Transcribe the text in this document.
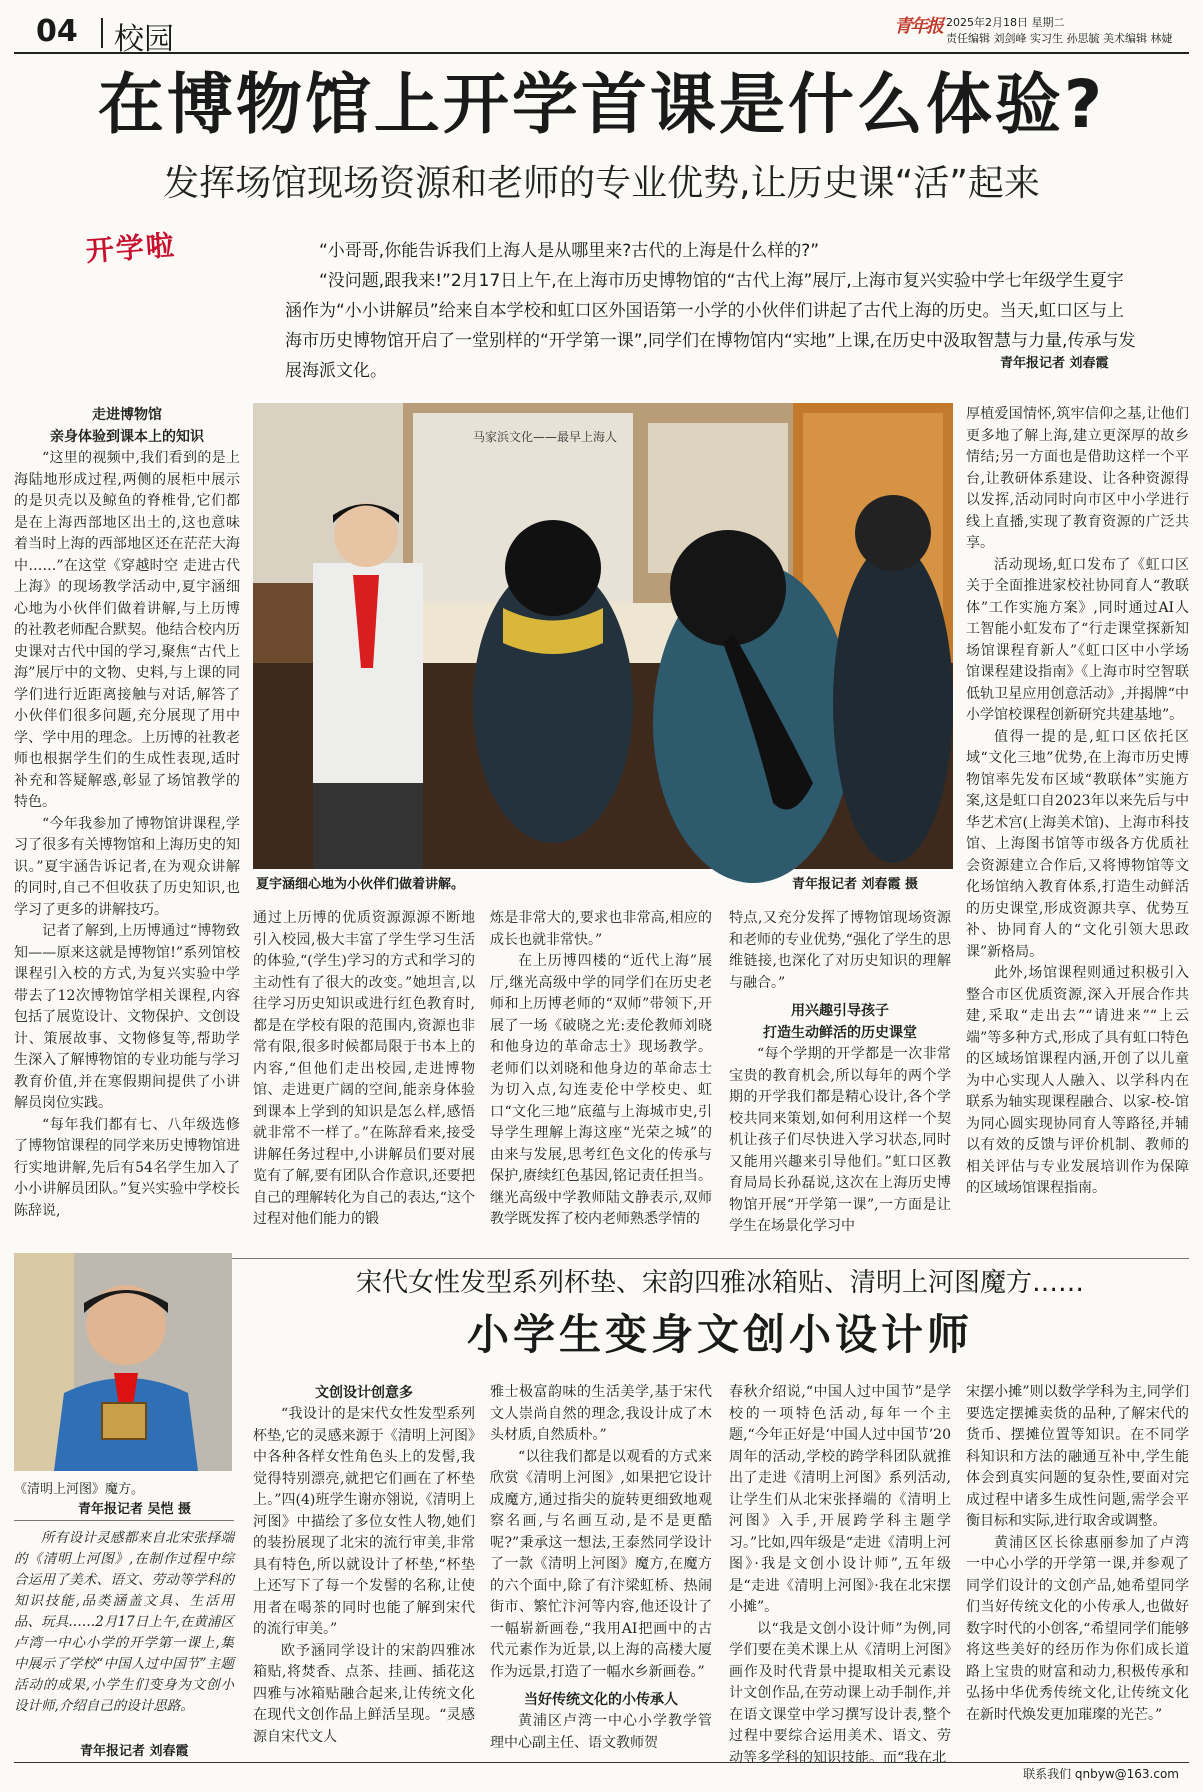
04 校园	青年报 2025年2月18日 星期二
责任编辑 刘剑峰 实习生 孙思毓 美术编辑 林婕
在博物馆上开学首课是什么体验?
发挥场馆现场资源和老师的专业优势,让历史课“活”起来
开学啦	“小哥哥,你能告诉我们上海人是从哪里来?古代的上海是什么样的?”

“没问题,跟我来!”2月17日上午,在上海市历史博物馆的“古代上海”展厅,上海市复兴实验中学七年级学生夏宇涵作为“小小讲解员”给来自本学校和虹口区外国语第一小学的小伙伴们讲起了古代上海的历史。当天,虹口区与上海市历史博物馆开启了一堂别样的“开学第一课”,同学们在博物馆内“实地”上课,在历史中汲取智慧与力量,传承与发展海派文化。	青年报记者 刘春霞
走进博物馆
亲身体验到课本上的知识

“这里的视频中,我们看到的是上海陆地形成过程,两侧的展柜中展示的是贝壳以及鲸鱼的脊椎骨,它们都是在上海西部地区出土的,这也意味着当时上海的西部地区还在茫茫大海中……”在这堂《穿越时空 走进古代上海》的现场教学活动中,夏宇涵细心地为小伙伴们做着讲解,与上历博的社教老师配合默契。他结合校内历史课对古代中国的学习,聚焦“古代上海”展厅中的文物、史料,与上课的同学们进行近距离接触与对话,解答了小伙伴们很多问题,充分展现了用中学、学中用的理念。上历博的社教老师也根据学生们的生成性表现,适时补充和答疑解惑,彰显了场馆教学的特色。

“今年我参加了博物馆讲课程,学习了很多有关博物馆和上海历史的知识。”夏宇涵告诉记者,在为观众讲解的同时,自己不但收获了历史知识,也学习了更多的讲解技巧。

记者了解到,上历博通过“博物致知——原来这就是博物馆!”系列馆校课程引入校的方式,为复兴实验中学带去了12次博物馆学相关课程,内容包括了展览设计、文物保护、文创设计、策展故事、文物修复等,帮助学生深入了解博物馆的专业功能与学习教育价值,并在寒假期间提供了小讲解员岗位实践。

“每年我们都有七、八年级选修了博物馆课程的同学来历史博物馆进行实地讲解,先后有54名学生加入了小小讲解员团队。”复兴实验中学校长陈辞说,

马家浜文化——最早上海人
夏宇涵细心地为小伙伴们做着讲解。	青年报记者 刘春霞 摄

通过上历博的优质资源源源不断地引入校园,极大丰富了学生学习生活的体验,“(学生)学习的方式和学习的主动性有了很大的改变。”她坦言,以往学习历史知识或进行红色教育时,都是在学校有限的范围内,资源也非常有限,很多时候都局限于书本上的内容,“但他们走出校园,走进博物馆、走进更广阔的空间,能亲身体验到课本上学到的知识是怎么样,感悟就非常不一样了。”在陈辞看来,接受讲解任务过程中,小讲解员们要对展览有了解,要有团队合作意识,还要把自己的理解转化为自己的表达,“这个过程对他们能力的锻

炼是非常大的,要求也非常高,相应的成长也就非常快。”

在上历博四楼的“近代上海”展厅,继光高级中学的同学们在历史老师和上历博老师的“双师”带领下,开展了一场《破晓之光:麦伦教师刘晓和他身边的革命志士》现场教学。老师们以刘晓和他身边的革命志士为切入点,勾连麦伦中学校史、虹口“文化三地”底蕴与上海城市史,引导学生理解上海这座“光荣之城”的由来与发展,思考红色文化的传承与保护,赓续红色基因,铭记责任担当。继光高级中学教师陆文静表示,双师教学既发挥了校内老师熟悉学情的

特点,又充分发挥了博物馆现场资源和老师的专业优势,“强化了学生的思维链接,也深化了对历史知识的理解与融合。”

用兴趣引导孩子
打造生动鲜活的历史课堂

“每个学期的开学都是一次非常宝贵的教育机会,所以每年的两个学期的开学我们都是精心设计,各个学校共同来策划,如何利用这样一个契机让孩子们尽快进入学习状态,同时又能用兴趣来引导他们。”虹口区教育局局长孙磊说,这次在上海历史博物馆开展“开学第一课”,一方面是让学生在场景化学习中

厚植爱国情怀,筑牢信仰之基,让他们更多地了解上海,建立更深厚的故乡情结;另一方面也是借助这样一个平台,让教研体系建设、让各种资源得以发挥,活动同时向市区中小学进行线上直播,实现了教育资源的广泛共享。

活动现场,虹口发布了《虹口区关于全面推进家校社协同育人“教联体”工作实施方案》,同时通过AI人工智能小虹发布了“行走课堂探新知 场馆课程育新人”《虹口区中小学场馆课程建设指南》《上海市时空智联低轨卫星应用创意活动》,并揭牌“中小学馆校课程创新研究共建基地”。

值得一提的是,虹口区依托区域“文化三地”优势,在上海市历史博物馆率先发布区域“教联体”实施方案,这是虹口自2023年以来先后与中华艺术宫(上海美术馆)、上海市科技馆、上海图书馆等市级各方优质社会资源建立合作后,又将博物馆等文化场馆纳入教育体系,打造生动鲜活的历史课堂,形成资源共享、优势互补、协同育人的“文化引领大思政课”新格局。

此外,场馆课程则通过积极引入整合市区优质资源,深入开展合作共建,采取“走出去”“请进来”“上云端”等多种方式,形成了具有虹口特色的区域场馆课程内涵,开创了以儿童为中心实现人人融入、以学科内在联系为轴实现课程融合、以家-校-馆为同心圆实现协同育人等路径,并辅以有效的反馈与评价机制、教师的相关评估与专业发展培训作为保障的区域场馆课程指南。

宋代女性发型系列杯垫、宋韵四雅冰箱贴、清明上河图魔方……
小学生变身文创小设计师
《清明上河图》魔方。
青年报记者 吴恺 摄

所有设计灵感都来自北宋张择端的《清明上河图》,在制作过程中综合运用了美术、语文、劳动等学科的知识技能,品类涵盖文具、生活用品、玩具……2月17日上午,在黄浦区卢湾一中心小学的开学第一课上,集中展示了学校“中国人过中国节”主题活动的成果,小学生们变身为文创小设计师,介绍自己的设计思路。

青年报记者 刘春霞
文创设计创意多

“我设计的是宋代女性发型系列杯垫,它的灵感来源于《清明上河图》中各种各样女性角色头上的发髻,我觉得特别漂亮,就把它们画在了杯垫上。”四(4)班学生谢亦翎说,《清明上河图》中描绘了多位女性人物,她们的装扮展现了北宋的流行审美,非常具有特色,所以就设计了杯垫,“杯垫上还写下了每一个发髻的名称,让使用者在喝茶的同时也能了解到宋代的流行审美。”

欧予涵同学设计的宋韵四雅冰箱贴,将焚香、点茶、挂画、插花这四雅与冰箱贴融合起来,让传统文化在现代文创作品上鲜活呈现。“灵感源自宋代文人

雅士极富韵味的生活美学,基于宋代文人崇尚自然的理念,我设计成了木头材质,自然质朴。”

“以往我们都是以观看的方式来欣赏《清明上河图》,如果把它设计成魔方,通过指尖的旋转更细致地观察名画,与名画互动,是不是更酷呢?”秉承这一想法,王泰然同学设计了一款《清明上河图》魔方,在魔方的六个面中,除了有汴梁虹桥、热闹街市、繁忙汴河等内容,他还设计了一幅崭新画卷,“我用AI把画中的古代元素作为近景,以上海的高楼大厦作为远景,打造了一幅水乡新画卷。”

当好传统文化的小传承人

黄浦区卢湾一中心小学教学管理中心副主任、语文教师贺

春秋介绍说,“中国人过中国节”是学校的一项特色活动,每年一个主题,“今年正好是‘中国人过中国节’20周年的活动,学校的跨学科团队就推出了走进《清明上河图》系列活动,让学生们从北宋张择端的《清明上河图》入手,开展跨学科主题学习。”比如,四年级是“走进《清明上河图》·我是文创小设计师”,五年级是“走进《清明上河图》·我在北宋摆小摊”。

以“我是文创小设计师”为例,同学们要在美术课上从《清明上河图》画作及时代背景中提取相关元素设计文创作品,在劳动课上动手制作,并在语文课堂中学习撰写设计表,整个过程中要综合运用美术、语文、劳动等多学科的知识技能。而“我在北

宋摆小摊”则以数学学科为主,同学们要选定摆摊卖货的品种,了解宋代的货币、摆摊位置等知识。在不同学科知识和方法的融通互补中,学生能体会到真实问题的复杂性,要面对完成过程中诸多生成性问题,需学会平衡目标和实际,进行取舍或调整。

黄浦区区长徐惠丽参加了卢湾一中心小学的开学第一课,并参观了同学们设计的文创产品,她希望同学们当好传统文化的小传承人,也做好数字时代的小创客,“希望同学们能够将这些美好的经历作为你们成长道路上宝贵的财富和动力,积极传承和弘扬中华优秀传统文化,让传统文化在新时代焕发更加璀璨的光芒。”

联系我们 qnbyw@163.com
